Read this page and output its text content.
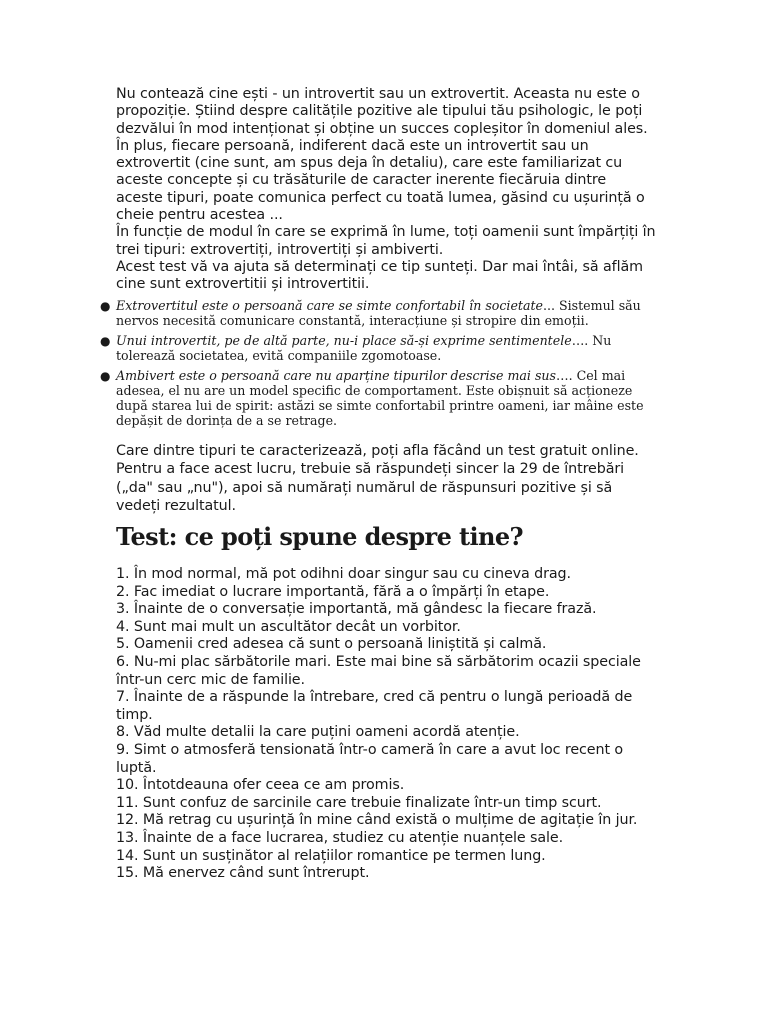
Nu contează cine ești - un introvertit sau un extrovertit. Aceasta nu este o propoziție. Știind despre calitățile pozitive ale tipului tău psihologic, le poți dezvălui în mod intenționat și obține un succes copleșitor în domeniul ales. În plus, fiecare persoană, indiferent dacă este un introvertit sau un extrovertit (cine sunt, am spus deja în detaliu), care este familiarizat cu aceste concepte și cu trăsăturile de caracter inerente fiecăruia dintre aceste tipuri, poate comunica perfect cu toată lumea, găsind cu ușurință o cheie pentru acestea ...

În funcție de modul în care se exprimă în lume, toți oamenii sunt împărțiți în trei tipuri: extrovertiți, introvertiți și ambiverti.

Acest test vă va ajuta să determinați ce tip sunteți. Dar mai întâi, să aflăm cine sunt extrovertitii și introvertitii.

● Extrovertitul este o persoană care se simte confortabil în societate... Sistemul său nervos necesită comunicare constantă, interacțiune și stropire din emoții.
● Unui introvertit, pe de altă parte, nu-i place să-și exprime sentimentele…. Nu tolerează societatea, evită companiile zgomotoase.
● Ambivert este o persoană care nu aparține tipurilor descrise mai sus…. Cel mai adesea, el nu are un model specific de comportament. Este obișnuit să acționeze după starea lui de spirit: astăzi se simte confortabil printre oameni, iar mâine este depășit de dorința de a se retrage.

Care dintre tipuri te caracterizează, poți afla făcând un test gratuit online. Pentru a face acest lucru, trebuie să răspundeți sincer la 29 de întrebări („da" sau „nu"), apoi să numărați numărul de răspunsuri pozitive și să vedeți rezultatul.

Test: ce poți spune despre tine?
1. În mod normal, mă pot odihni doar singur sau cu cineva drag.
2. Fac imediat o lucrare importantă, fără a o împărți în etape.
3. Înainte de o conversație importantă, mă gândesc la fiecare frază.
4. Sunt mai mult un ascultător decât un vorbitor.
5. Oamenii cred adesea că sunt o persoană liniștită și calmă.
6. Nu-mi plac sărbătorile mari. Este mai bine să sărbătorim ocazii speciale într-un cerc mic de familie.
7. Înainte de a răspunde la întrebare, cred că pentru o lungă perioadă de timp.
8. Văd multe detalii la care puțini oameni acordă atenție.
9. Simt o atmosferă tensionată într-o cameră în care a avut loc recent o luptă.
10. Întotdeauna ofer ceea ce am promis.
11. Sunt confuz de sarcinile care trebuie finalizate într-un timp scurt.
12. Mă retrag cu ușurință în mine când există o mulțime de agitație în jur.
13. Înainte de a face lucrarea, studiez cu atenție nuanțele sale.
14. Sunt un susținător al relațiilor romantice pe termen lung.
15. Mă enervez când sunt întrerupt.
